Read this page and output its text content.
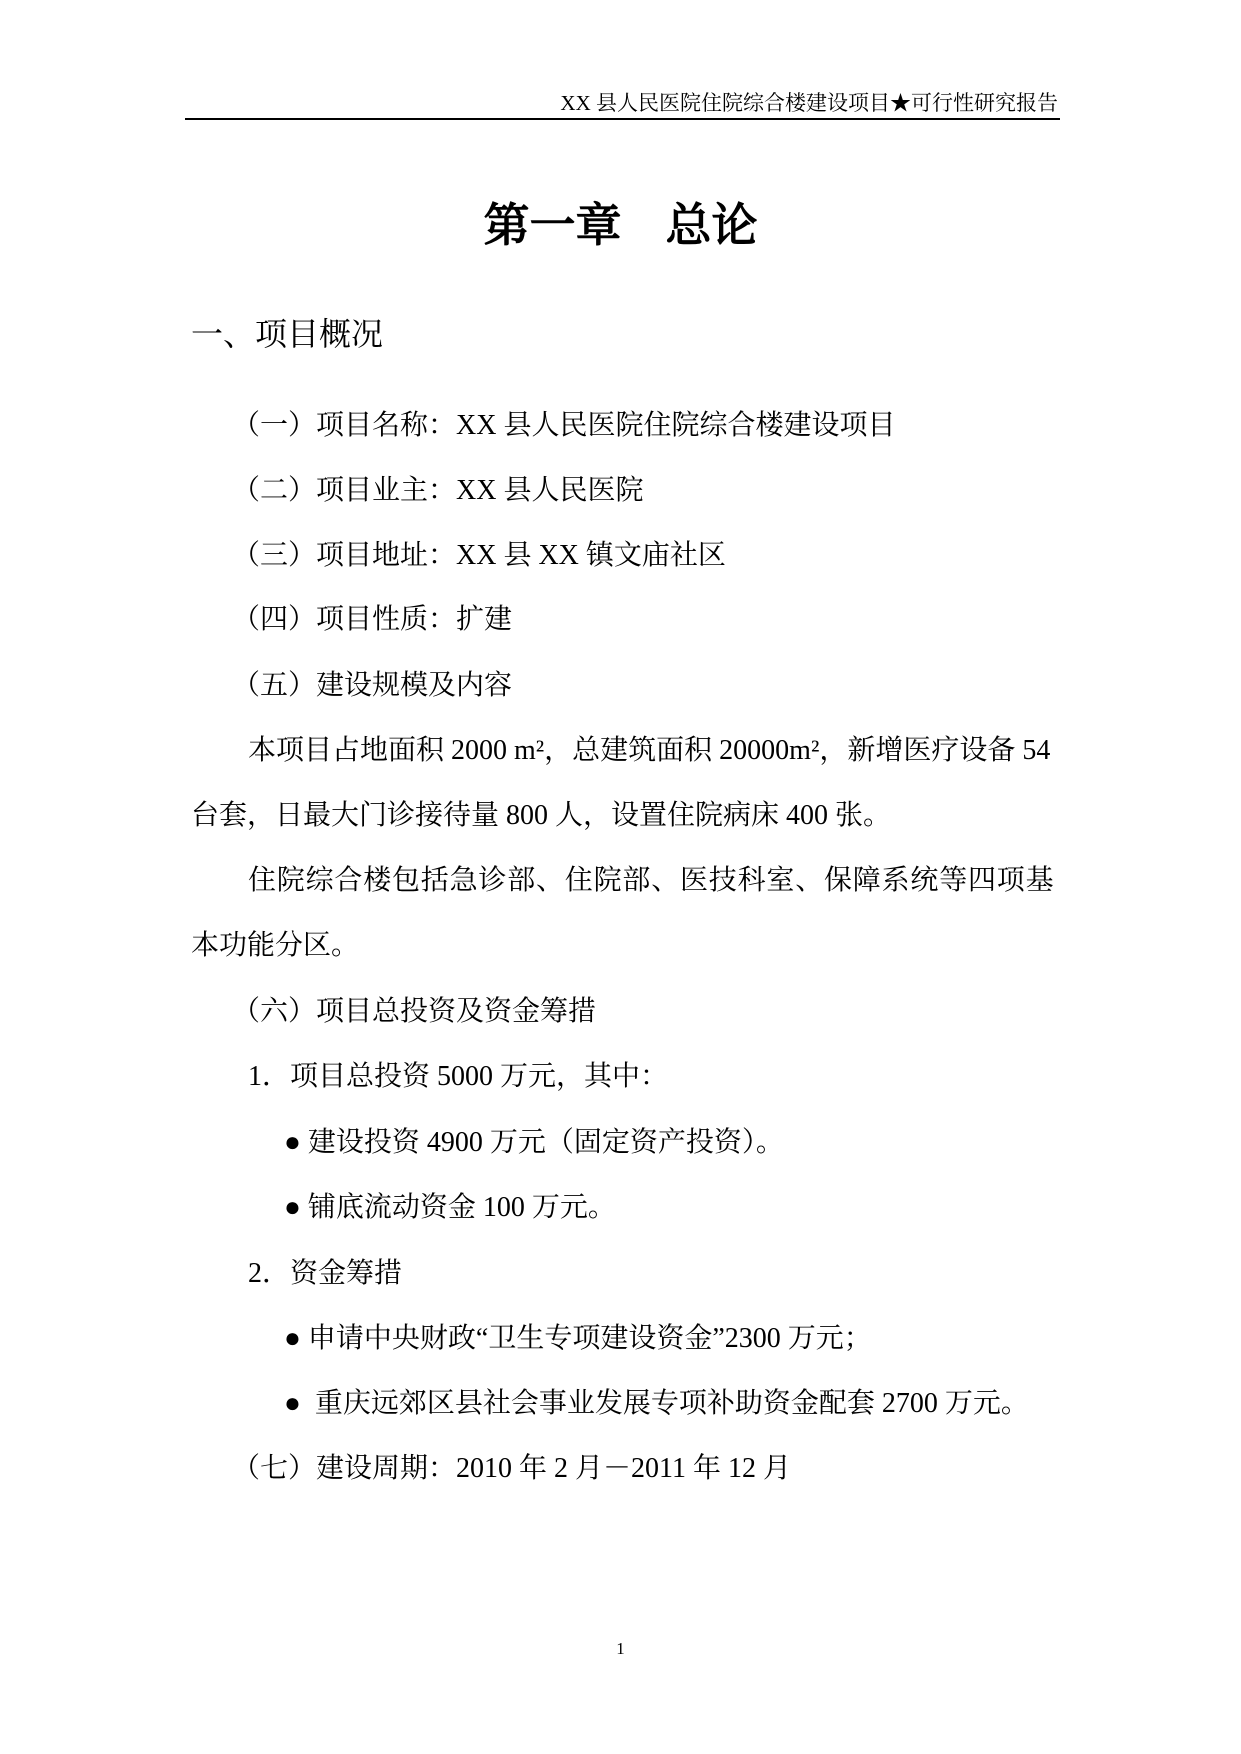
XX 县人民医院住院综合楼建设项目★可行性研究报告
第一章 总论
一、项目概况
（一）项目名称：XX 县人民医院住院综合楼建设项目
（二）项目业主：XX 县人民医院
（三）项目地址：XX 县 XX 镇文庙社区
（四）项目性质：扩建
（五）建设规模及内容
本项目占地面积 2000 m²，总建筑面积 20000m²，新增医疗设备 54
台套，日最大门诊接待量 800 人，设置住院病床 400 张。
住院综合楼包括急诊部、住院部、医技科室、保障系统等四项基
本功能分区。
（六）项目总投资及资金筹措
1．项目总投资 5000 万元，其中：
● 建设投资 4900 万元（固定资产投资）。
● 铺底流动资金 100 万元。
2．资金筹措
● 申请中央财政“卫生专项建设资金”2300 万元；
●  重庆远郊区县社会事业发展专项补助资金配套 2700 万元。
（七）建设周期：2010 年 2 月－2011 年 12 月
1
